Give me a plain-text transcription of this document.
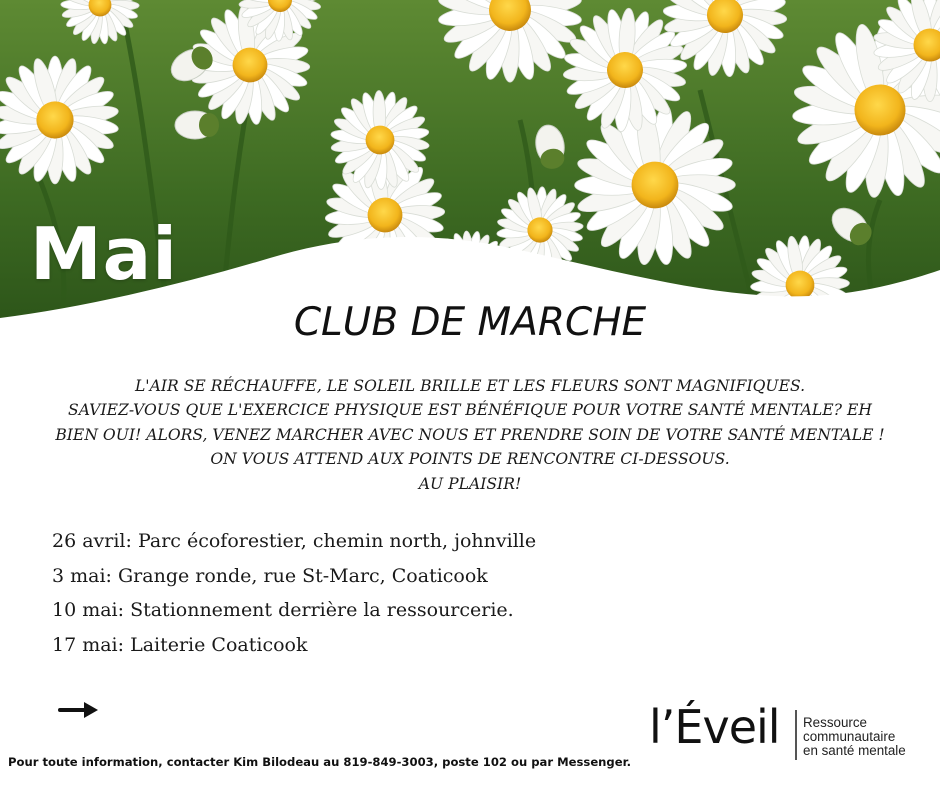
Mai
CLUB DE MARCHE
L'AIR SE RÉCHAUFFE, LE SOLEIL BRILLE ET LES FLEURS SONT MAGNIFIQUES.
SAVIEZ-VOUS QUE L'EXERCICE PHYSIQUE EST BÉNÉFIQUE POUR VOTRE SANTÉ MENTALE? EH
BIEN OUI! ALORS, VENEZ MARCHER AVEC NOUS ET PRENDRE SOIN DE VOTRE SANTÉ MENTALE !
ON VOUS ATTEND AUX POINTS DE RENCONTRE CI-DESSOUS.
AU PLAISIR!
26 avril: Parc écoforestier, chemin north, johnville
3 mai: Grange ronde, rue St-Marc, Coaticook
10 mai: Stationnement derrière la ressourcerie.
17 mai: Laiterie Coaticook
Pour toute information, contacter Kim Bilodeau au 819-849-3003, poste 102 ou par Messenger.
l’Éveil Ressource
communautaire
en santé mentale
